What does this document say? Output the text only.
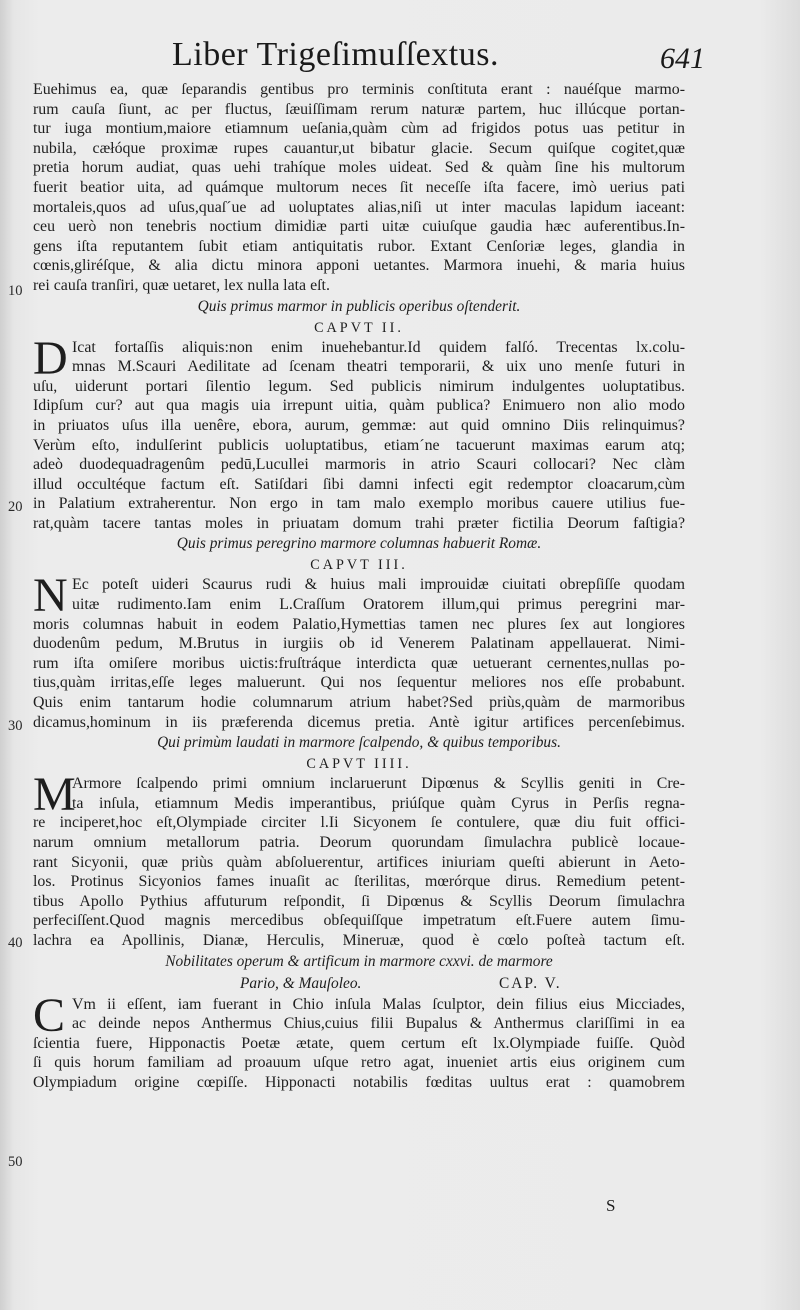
Liber Trigeſimuſſextus.	641
10
20
30
40
50
Euehimus ea, quæ ſeparandis gentibus pro terminis conſtituta erant : nauéſque marmo-
rum cauſa ſiunt, ac per fluctus, ſæuiſſimam rerum naturæ partem, huc illúcque portan-
tur iuga montium,maiore etiamnum ueſania,quàm cùm ad frigidos potus uas petitur in
nubila, cæłóque proximæ rupes cauantur,ut bibatur glacie. Secum quiſque cogitet,quæ
pretia horum audiat, quas uehi trahíque moles uideat. Sed & quàm ſine his multorum
fuerit beatior uita, ad quámque multorum neces ſit neceſſe iſta facere, imò uerius pati
mortaleis,quos ad uſus,quaſ´ue ad uoluptates alias,niſi ut inter maculas lapidum iaceant:
ceu uerò non tenebris noctium dimidiæ parti uitæ cuiuſque gaudia hæc auferentibus.In-
gens iſta reputantem ſubit etiam antiquitatis rubor. Extant Cenſoriæ leges, glandia in
cœnis,gliréſque, & alia dictu minora apponi uetantes. Marmora inuehi, & maria huius
rei cauſa tranſiri, quæ uetaret, lex nulla lata eſt.
Quis primus marmor in publicis operibus oſtenderit.
CAPVT II.
D Icat fortaſſis aliquis:non enim inuehebantur.Id quidem falſó. Trecentas lx.colu-
mnas M.Scauri Aedilitate ad ſcenam theatri temporarii, & uix uno menſe futuri in
uſu, uiderunt portari ſilentio legum. Sed publicis nimirum indulgentes uoluptatibus.
Idipſum cur? aut qua magis uia irrepunt uitia, quàm publica? Enimuero non alio modo
in priuatos uſus illa uenêre, ebora, aurum, gemmæ: aut quid omnino Diis relinquimus?
Verùm eſto, indulſerint publicis uoluptatibus, etiam´ne tacuerunt maximas earum atq;
adeò duodequadragenûm pedū,Lucullei marmoris in atrio Scauri collocari? Nec clàm
illud occultéque factum eſt. Satiſdari ſibi damni infecti egit redemptor cloacarum,cùm
in Palatium extraherentur. Non ergo in tam malo exemplo moribus cauere utilius fue-
rat,quàm tacere tantas moles in priuatam domum trahi præter fictilia Deorum faſtigia?
Quis primus peregrino marmore columnas habuerit Romæ.
CAPVT III.
N Ec poteſt uideri Scaurus rudi & huius mali improuidæ ciuitati obrepſiſſe quodam
uitæ rudimento.Iam enim L.Craſſum Oratorem illum,qui primus peregrini mar-
moris columnas habuit in eodem Palatio,Hymettias tamen nec plures ſex aut longiores
duodenûm pedum, M.Brutus in iurgiis ob id Venerem Palatinam appellauerat. Nimi-
rum iſta omiſere moribus uictis:fruſtráque interdicta quæ uetuerant cernentes,nullas po-
tius,quàm irritas,eſſe leges maluerunt. Qui nos ſequentur meliores nos eſſe probabunt.
Quis enim tantarum hodie columnarum atrium habet?Sed priùs,quàm de marmoribus
dicamus,hominum in iis præferenda dicemus pretia. Antè igitur artifices percenſebimus.
Qui primùm laudati in marmore ſcalpendo, & quibus temporibus.
CAPVT IIII.
M
Armore ſcalpendo primi omnium inclaruerunt Dipœnus & Scyllis geniti in Cre-
ta inſula, etiamnum Medis imperantibus, priúſque quàm Cyrus in Perſis regna-
re inciperet,hoc eſt,Olympiade circiter l.Ii Sicyonem ſe contulere, quæ diu fuit offici-
narum omnium metallorum patria. Deorum quorundam ſimulachra publicè locaue-
rant Sicyonii, quæ priùs quàm abſoluerentur, artifices iniuriam queſti abierunt in Aeto-
los. Protinus Sicyonios fames inuaſit ac ſterilitas, mœrórque dirus. Remedium petent-
tibus Apollo Pythius affuturum reſpondit, ſi Dipœnus & Scyllis Deorum ſimulachra
perfeciſſent.Quod magnis mercedibus obſequiſſque impetratum eſt.Fuere autem ſimu-
lachra ea Apollinis, Dianæ, Herculis, Mineruæ, quod è cœlo poſteà tactum eſt.
Nobilitates operum & artificum in marmore cxxvi. de marmore
Pario, & Mauſoleo.	CAP. V.
C Vm ii eſſent, iam fuerant in Chio inſula Malas ſculptor, dein filius eius Micciades,
ac deinde nepos Anthermus Chius,cuius filii Bupalus & Anthermus clariſſimi in ea
ſcientia fuere, Hipponactis Poetæ ætate, quem certum eſt lx.Olympiade fuiſſe. Quòd
ſi quis horum familiam ad proauum uſque retro agat, inueniet artis eius originem cum
Olympiadum origine cœpiſſe. Hipponacti notabilis fœditas uultus erat : quamobrem
S
